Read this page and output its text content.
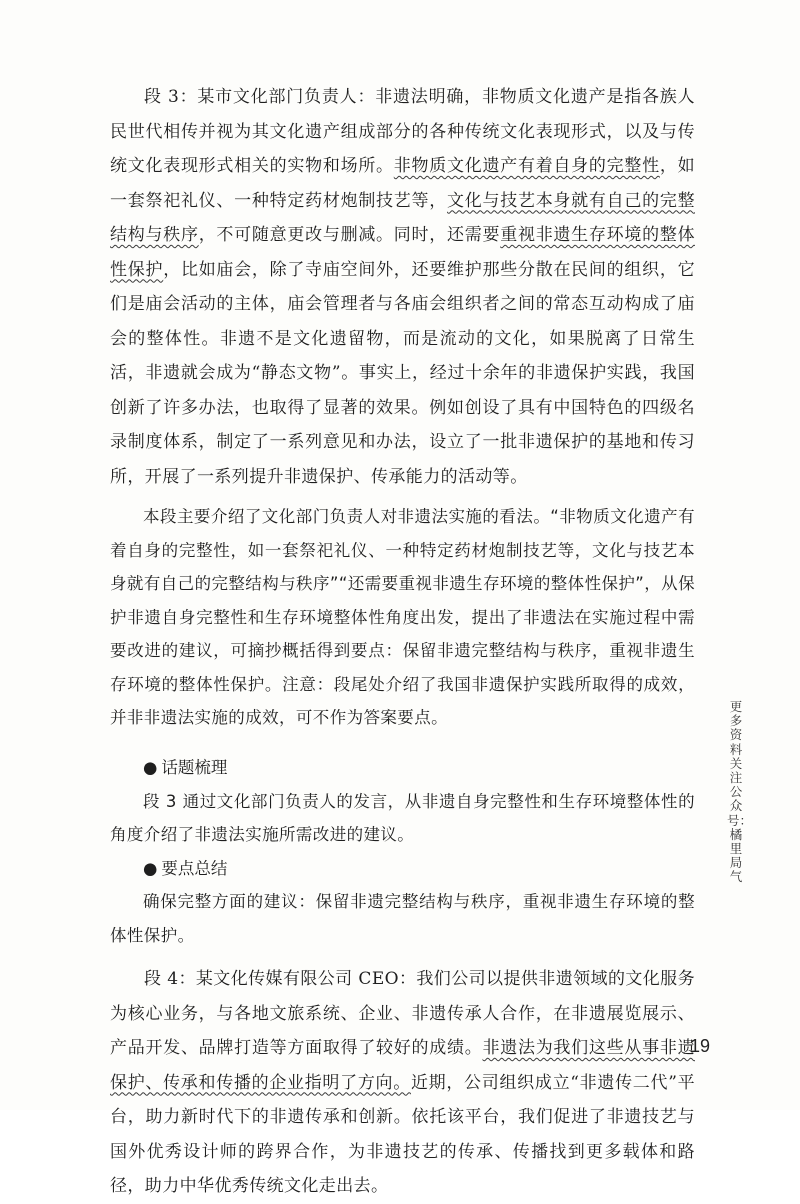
段 3：某市文化部门负责人：非遗法明确，非物质文化遗产是指各族人民世代相传并视为其文化遗产组成部分的各种传统文化表现形式，以及与传统文化表现形式相关的实物和场所。非物质文化遗产有着自身的完整性，如一套祭祀礼仪、一种特定药材炮制技艺等，文化与技艺本身就有自己的完整结构与秩序，不可随意更改与删减。同时，还需要重视非遗生存环境的整体性保护，比如庙会，除了寺庙空间外，还要维护那些分散在民间的组织，它们是庙会活动的主体，庙会管理者与各庙会组织者之间的常态互动构成了庙会的整体性。非遗不是文化遗留物，而是流动的文化，如果脱离了日常生活，非遗就会成为“静态文物”。事实上，经过十余年的非遗保护实践，我国创新了许多办法，也取得了显著的效果。例如创设了具有中国特色的四级名录制度体系，制定了一系列意见和办法，设立了一批非遗保护的基地和传习所，开展了一系列提升非遗保护、传承能力的活动等。

本段主要介绍了文化部门负责人对非遗法实施的看法。“非物质文化遗产有着自身的完整性，如一套祭祀礼仪、一种特定药材炮制技艺等，文化与技艺本身就有自己的完整结构与秩序”“还需要重视非遗生存环境的整体性保护”，从保护非遗自身完整性和生存环境整体性角度出发，提出了非遗法在实施过程中需要改进的建议，可摘抄概括得到要点：保留非遗完整结构与秩序，重视非遗生存环境的整体性保护。注意：段尾处介绍了我国非遗保护实践所取得的成效，并非非遗法实施的成效，可不作为答案要点。

● 话题梳理

段 3 通过文化部门负责人的发言，从非遗自身完整性和生存环境整体性的角度介绍了非遗法实施所需改进的建议。

● 要点总结

确保完整方面的建议：保留非遗完整结构与秩序，重视非遗生存环境的整体性保护。

段 4：某文化传媒有限公司 CEO：我们公司以提供非遗领域的文化服务为核心业务，与各地文旅系统、企业、非遗传承人合作，在非遗展览展示、产品开发、品牌打造等方面取得了较好的成绩。非遗法为我们这些从事非遗保护、传承和传播的企业指明了方向。近期，公司组织成立“非遗传二代”平台，助力新时代下的非遗传承和创新。依托该平台，我们促进了非遗技艺与国外优秀设计师的跨界合作，为非遗技艺的传承、传播找到更多载体和路径，助力中华优秀传统文化走出去。

更多资料关注公众号：橘里局气
19
